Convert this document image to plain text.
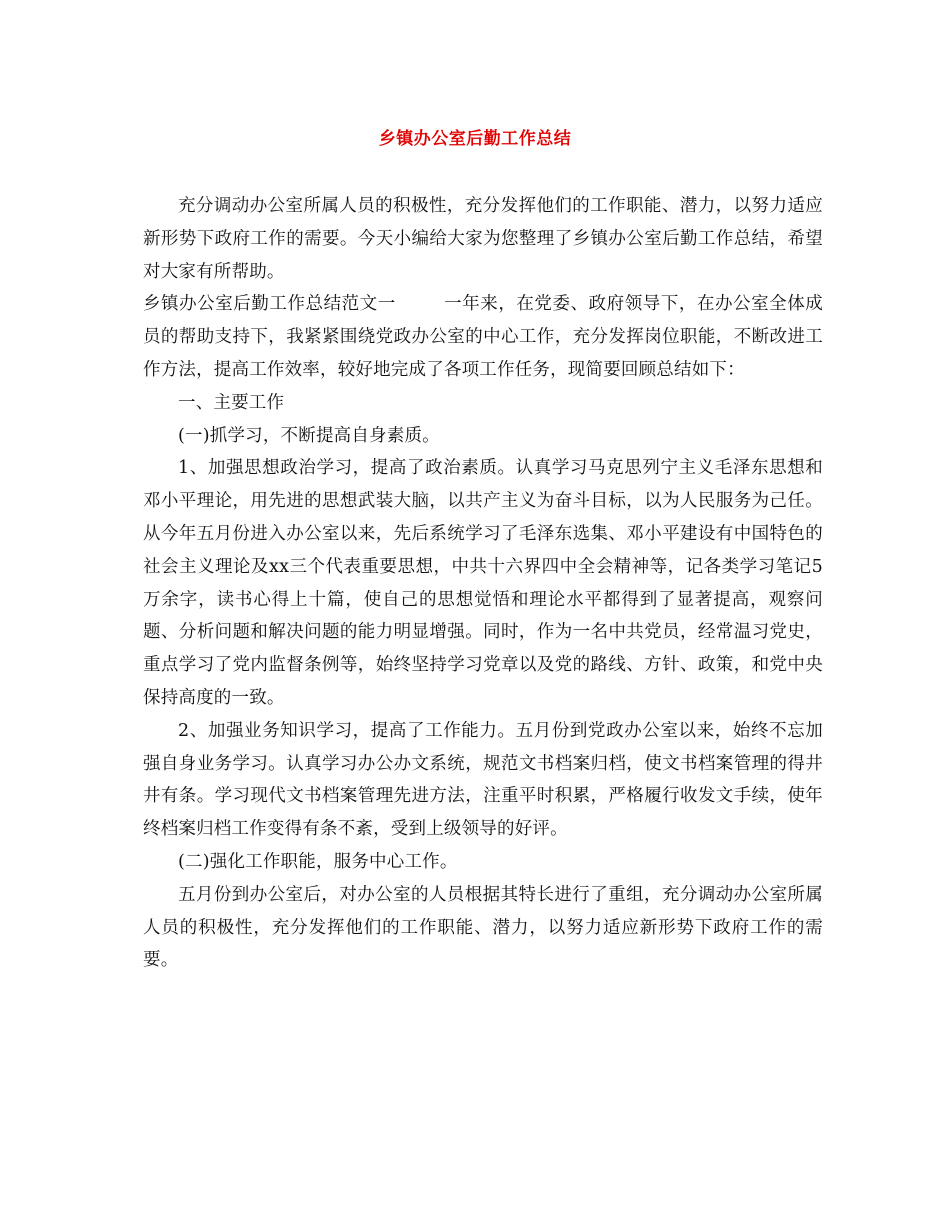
乡镇办公室后勤工作总结

充分调动办公室所属人员的积极性，充分发挥他们的工作职能、潜力，以努力适应新形势下政府工作的需要。今天小编给大家为您整理了乡镇办公室后勤工作总结，希望对大家有所帮助。

乡镇办公室后勤工作总结范文一	一年来，在党委、政府领导下，在办公室全体成员的帮助支持下，我紧紧围绕党政办公室的中心工作，充分发挥岗位职能，不断改进工作方法，提高工作效率，较好地完成了各项工作任务，现简要回顾总结如下：

一、主要工作

(一)抓学习，不断提高自身素质。

1、加强思想政治学习，提高了政治素质。认真学习马克思列宁主义毛泽东思想和邓小平理论，用先进的思想武装大脑，以共产主义为奋斗目标，以为人民服务为己任。从今年五月份进入办公室以来，先后系统学习了毛泽东选集、邓小平建设有中国特色的社会主义理论及xx三个代表重要思想，中共十六界四中全会精神等，记各类学习笔记5万余字，读书心得上十篇，使自己的思想觉悟和理论水平都得到了显著提高，观察问题、分析问题和解决问题的能力明显增强。同时，作为一名中共党员，经常温习党史，重点学习了党内监督条例等，始终坚持学习党章以及党的路线、方针、政策，和党中央保持高度的一致。

2、加强业务知识学习，提高了工作能力。五月份到党政办公室以来，始终不忘加强自身业务学习。认真学习办公办文系统，规范文书档案归档，使文书档案管理的得井井有条。学习现代文书档案管理先进方法，注重平时积累，严格履行收发文手续，使年终档案归档工作变得有条不紊，受到上级领导的好评。

(二)强化工作职能，服务中心工作。

五月份到办公室后，对办公室的人员根据其特长进行了重组，充分调动办公室所属人员的积极性，充分发挥他们的工作职能、潜力，以努力适应新形势下政府工作的需要。
